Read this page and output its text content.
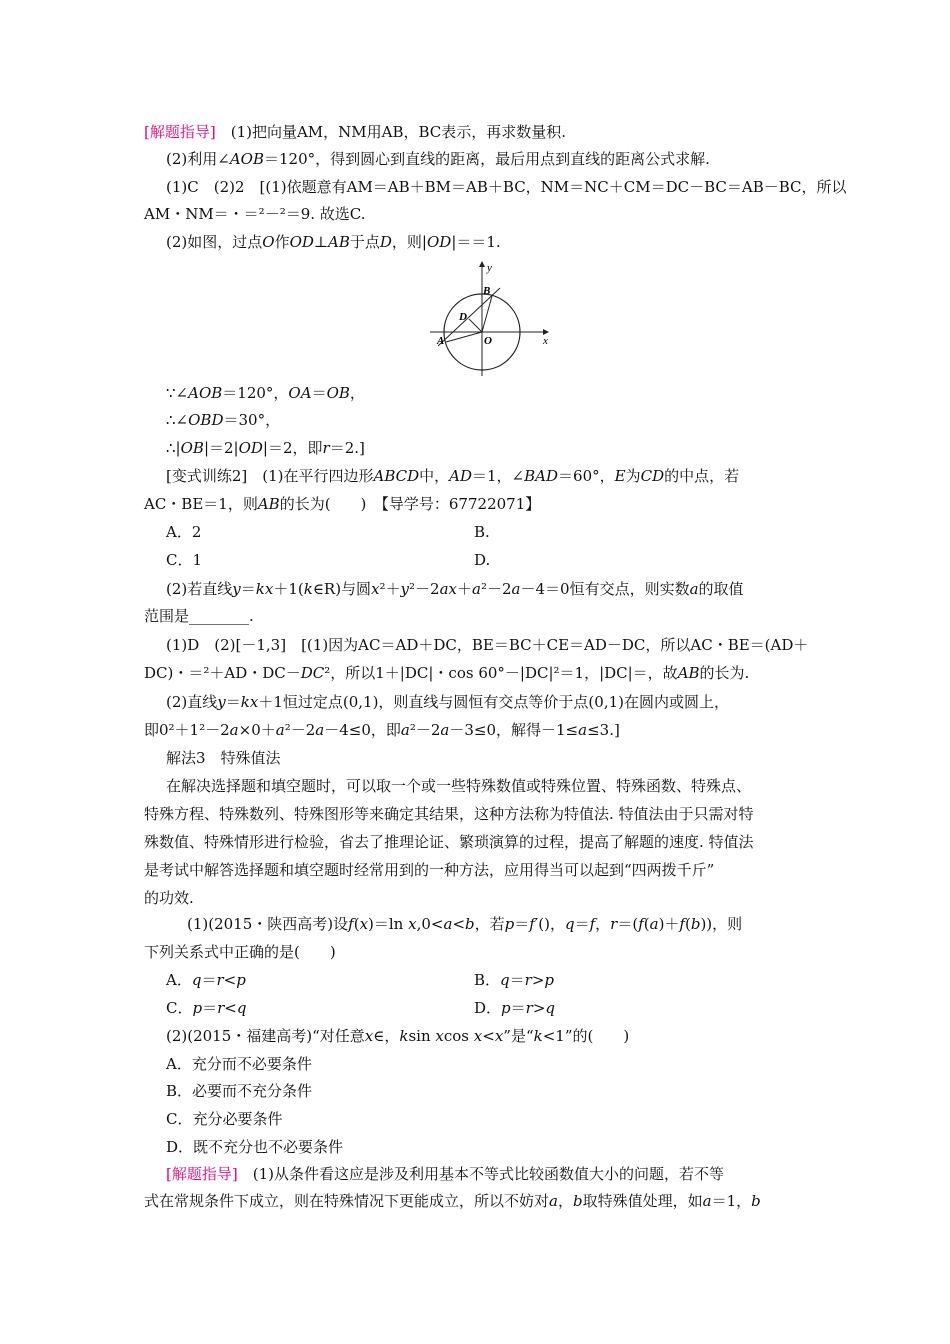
[解题指导]　(1)把向量AM，NM用AB，BC表示，再求数量积.
(2)利用∠AOB＝120°，得到圆心到直线的距离，最后用点到直线的距离公式求解.
(1)C　(2)2　[(1)依题意有AM＝AB＋BM＝AB＋BC，NM＝NC＋CM＝DC－BC＝AB－BC，所以
AM・NM＝・＝²－²＝9. 故选C.
(2)如图，过点O作OD⊥AB于点D，则|OD|＝＝1.
∵∠AOB＝120°，OA＝OB，
∴∠OBD＝30°，
∴|OB|＝2|OD|＝2，即r＝2.]
[变式训练2]　(1)在平行四边形ABCD中，AD＝1，∠BAD＝60°，E为CD的中点，若
AC・BE＝1，则AB的长为(　　)　【导学号：67722071】
A．2	B.
C．1	D.
(2)若直线y＝kx＋1(k∈R)与圆x²＋y²－2ax＋a²－2a－4＝0恒有交点，则实数a的取值
范围是________.
(1)D　(2)[－1,3]　[(1)因为AC＝AD＋DC，BE＝BC＋CE＝AD－DC，所以AC・BE＝(AD＋
DC)・＝²＋AD・DC－DC²，所以1＋|DC|・cos 60°－|DC|²＝1，|DC|＝，故AB的长为.
(2)直线y＝kx＋1恒过定点(0,1)，则直线与圆恒有交点等价于点(0,1)在圆内或圆上，
即0²＋1²－2a×0＋a²－2a－4≤0，即a²－2a－3≤0，解得－1≤a≤3.]
解法3　特殊值法
在解决选择题和填空题时，可以取一个或一些特殊数值或特殊位置、特殊函数、特殊点、
特殊方程、特殊数列、特殊图形等来确定其结果，这种方法称为特值法. 特值法由于只需对特
殊数值、特殊情形进行检验，省去了推理论证、繁琐演算的过程，提高了解题的速度. 特值法
是考试中解答选择题和填空题时经常用到的一种方法，应用得当可以起到“四两拨千斤”
的功效.
(1)(2015・陕西高考)设f(x)＝ln x,0<a<b，若p＝f′()，q＝f，r＝(f(a)＋f(b))，则
下列关系式中正确的是(　　)
A．q＝r<p	B．q＝r>p
C．p＝r<q	D．p＝r>q
(2)(2015・福建高考)“对任意x∈，ksin xcos x<x”是“k<1”的(　　)
A．充分而不必要条件
B．必要而不充分条件
C．充分必要条件
D．既不充分也不必要条件
[解题指导]　(1)从条件看这应是涉及利用基本不等式比较函数值大小的问题，若不等
式在常规条件下成立，则在特殊情况下更能成立，所以不妨对a，b取特殊值处理，如a＝1，b
x
y
O
A
B
D
